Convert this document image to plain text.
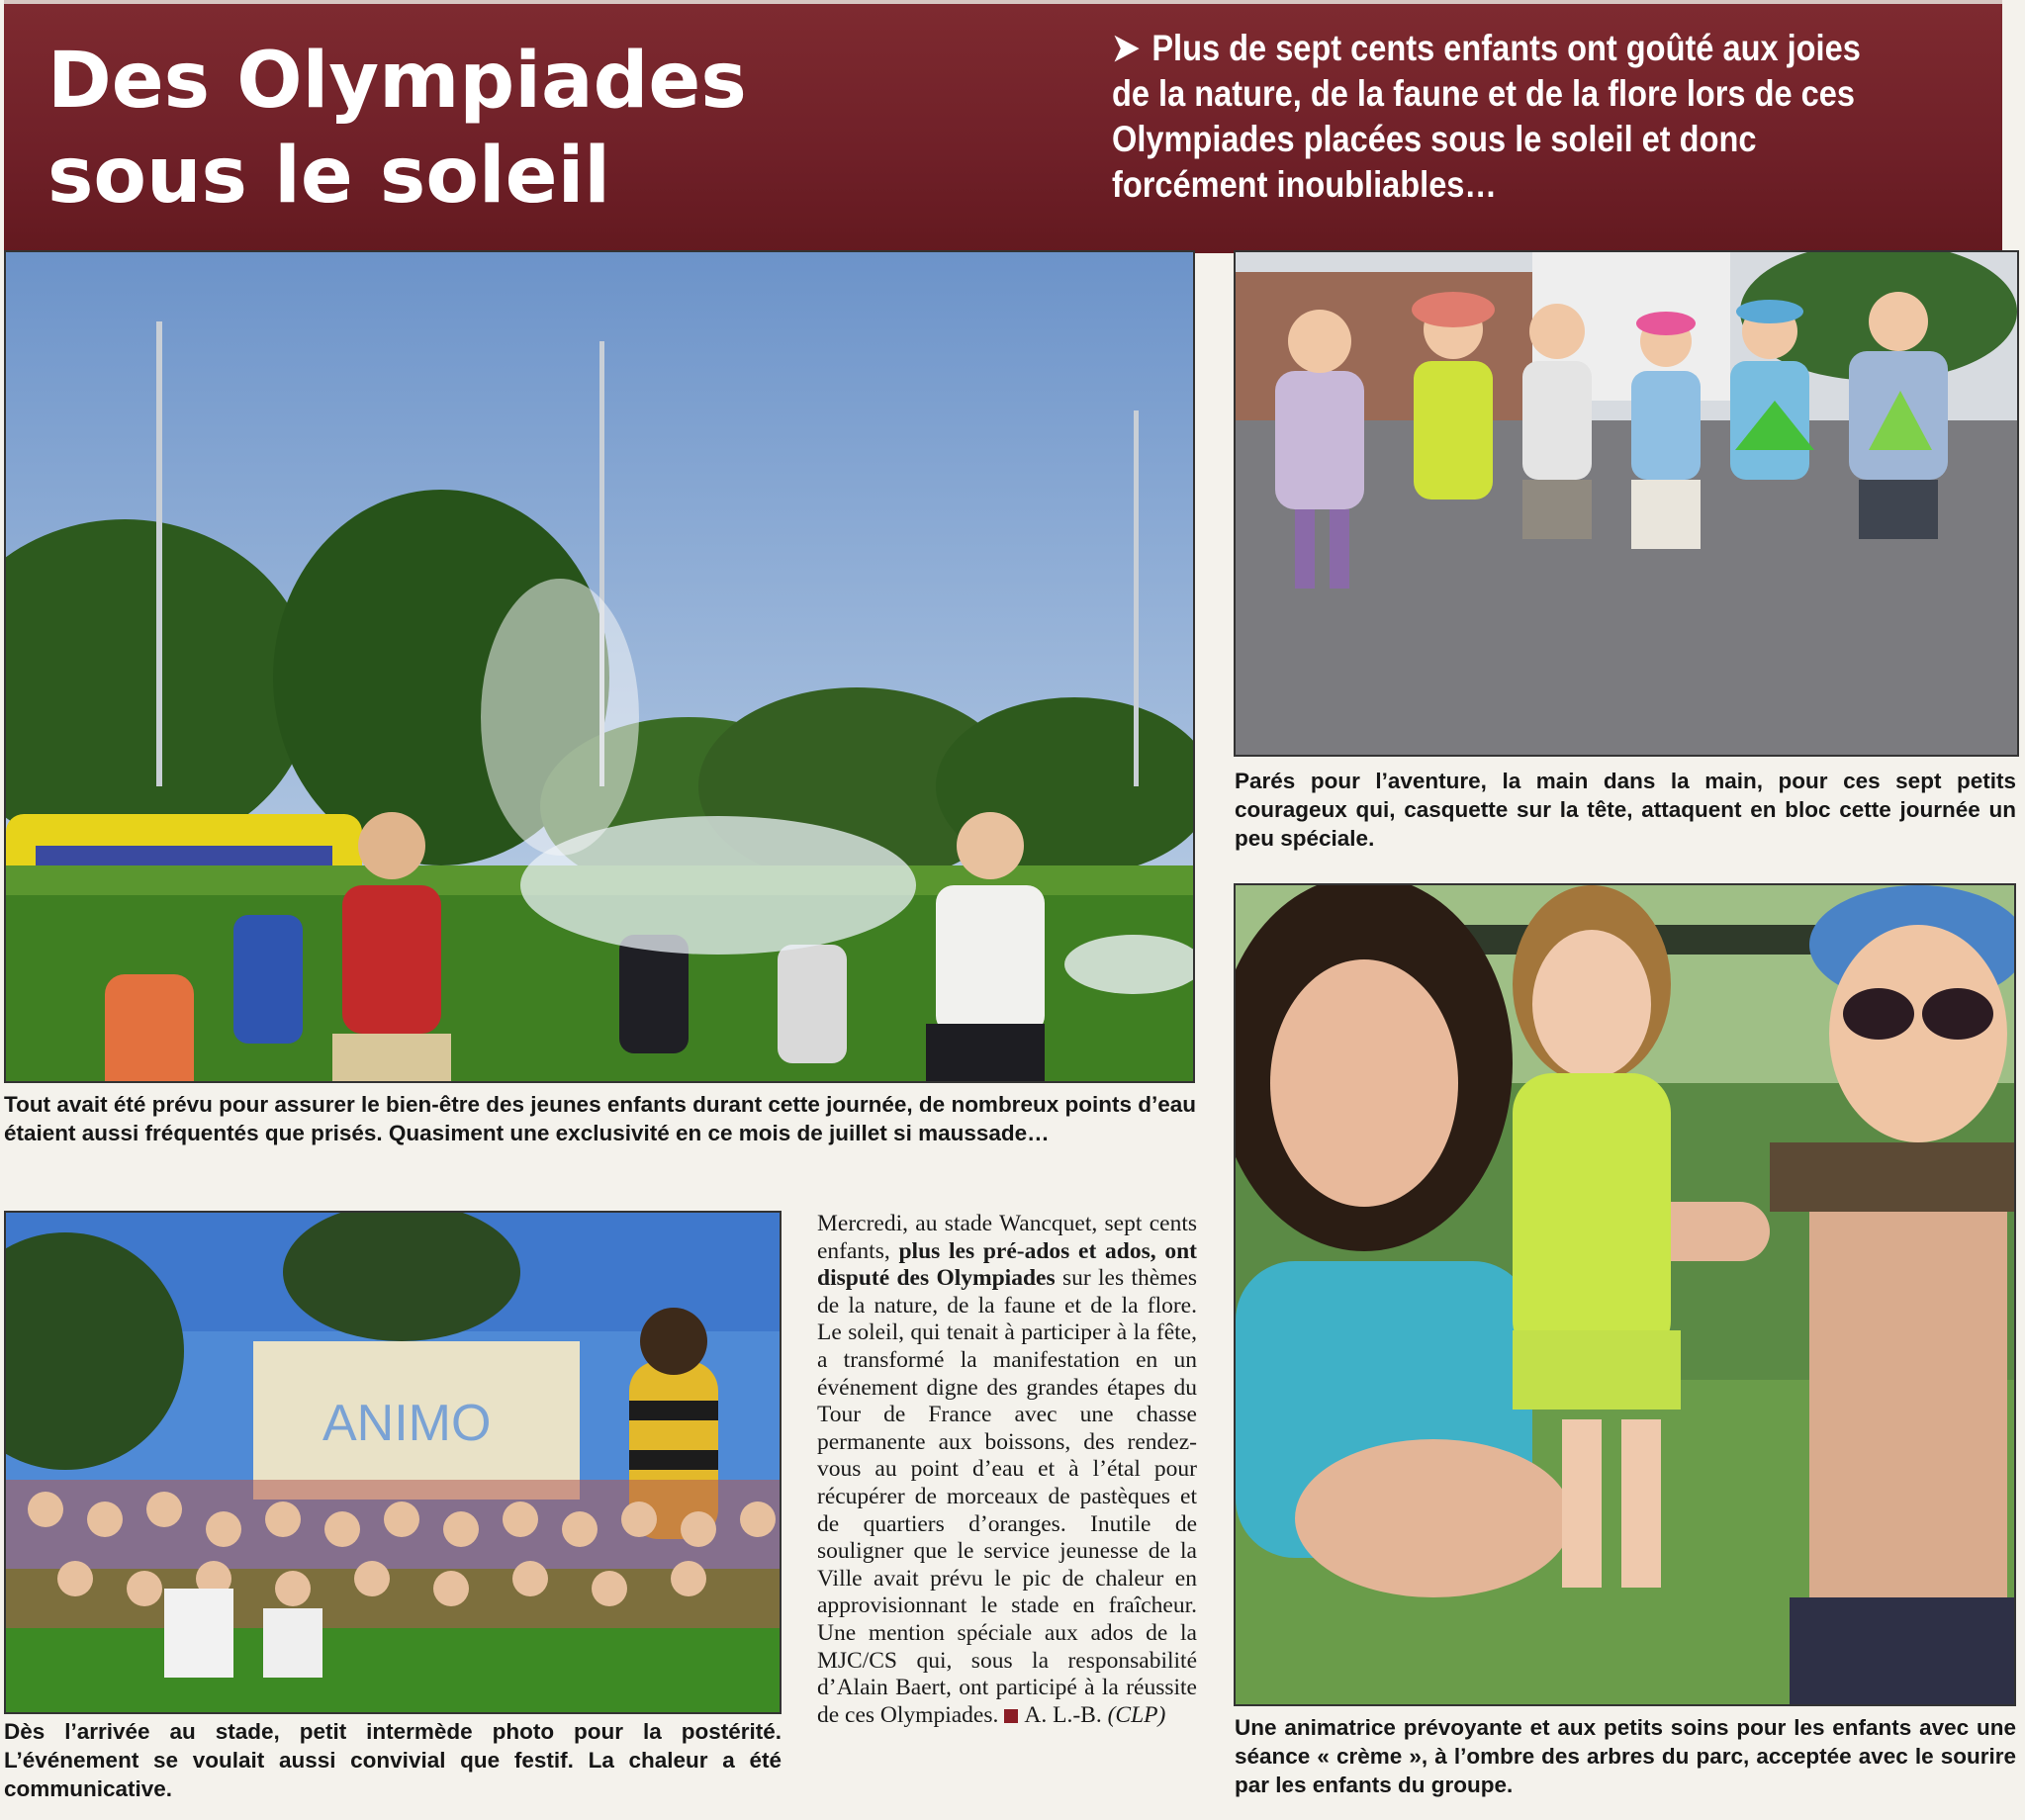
Des Olympiades
sous le soleil

➤ Plus de sept cents enfants ont goûté aux joies de la nature, de la faune et de la flore lors de ces Olympiades placées sous le soleil et donc forcément inoubliables…

Tout avait été prévu pour assurer le bien-être des jeunes enfants durant cette journée, de nombreux points d’eau étaient aussi fréquentés que prisés. Quasiment une exclusivité en ce mois de juillet si maussade…

Parés pour l’aventure, la main dans la main, pour ces sept petits courageux qui, casquette sur la tête, attaquent en bloc cette journée un peu spéciale.

ANIMO

Dès l’arrivée au stade, petit intermède photo pour la postérité. L’événement se voulait aussi convivial que festif. La chaleur a été communicative.

Mercredi, au stade Wancquet, sept cents enfants, plus les pré-ados et ados, ont disputé des Olympiades sur les thèmes de la nature, de la faune et de la flore. Le soleil, qui tenait à participer à la fête, a transformé la manifestation en un événement digne des grandes étapes du Tour de France avec une chasse permanente aux boissons, des rendez-vous au point d’eau et à l’étal pour récupérer de morceaux de pastèques et de quartiers d’oranges. Inutile de souligner que le service jeunesse de la Ville avait prévu le pic de chaleur en approvisionnant le stade en fraîcheur. Une mention spéciale aux ados de la MJC/CS qui, sous la responsabilité d’Alain Baert, ont participé à la réussite de ces Olympiades. A. L.-B. (CLP)	Une animatrice prévoyante et aux petits soins pour les enfants avec une séance « crème », à l’ombre des arbres du parc, acceptée avec le sourire par les enfants du groupe.
